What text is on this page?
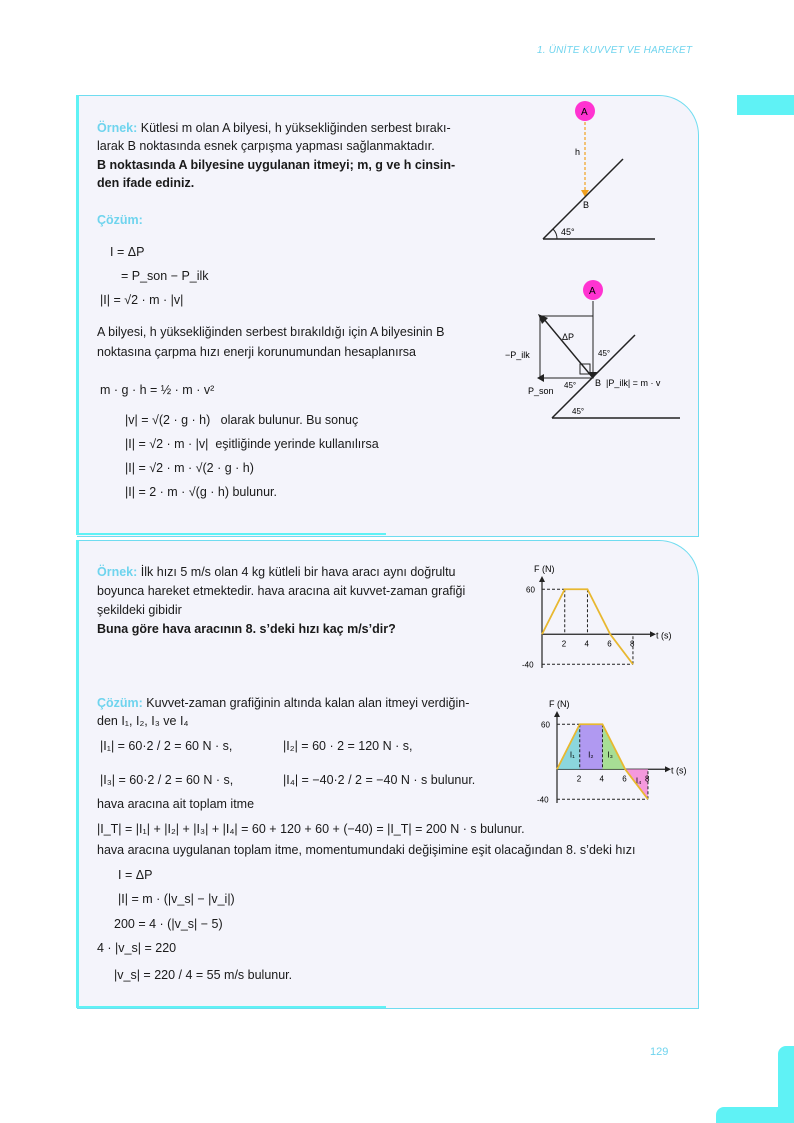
1. ÜNİTE KUVVET VE HAREKET
129
Örnek: Kütlesi m olan A bilyesi, h yüksekliğinden serbest bırakı-
larak B noktasında esnek çarpışma yapması sağlanmaktadır.
B noktasında A bilyesine uygulanan itmeyi; m, g ve h cinsin-
den ifade ediniz.
Çözüm:
I = ΔP
= P_son − P_ilk
|I| = √2 · m · |v|
A bilyesi, h yüksekliğinden serbest bırakıldığı için A bilyesinin B
noktasına çarpma hızı enerji korunumundan hesaplanırsa
m · g · h = ½ · m · v²
|v| = √(2 · g · h) olarak bulunur. Bu sonuç
|I| = √2 · m · |v| eşitliğinde yerinde kullanılırsa
|I| = √2 · m · √(2 · g · h)
|I| = 2 · m · √(g · h) bulunur.
A
h
B
45°
A
ΔP
−P_ilk
P_son
B
45°
45°
45°
|P_ilk| = m · v
Örnek: İlk hızı 5 m/s olan 4 kg kütleli bir hava aracı aynı doğrultu
boyunca hareket etmektedir. hava aracına ait kuvvet-zaman grafiği
şekildeki gibidir
Buna göre hava aracının 8. s’deki hızı kaç m/s’dir?
Çözüm: Kuvvet-zaman grafiğinin altında kalan alan itmeyi verdiğin-
den I₁, I₂, I₃ ve I₄
|I₁| = 60·2 / 2 = 60 N · s,	|I₂| = 60 · 2 = 120 N · s,
|I₃| = 60·2 / 2 = 60 N · s,	|I₄| = −40·2 / 2 = −40 N · s bulunur.
hava aracına ait toplam itme
|I_T| = |I₁| + |I₂| + |I₃| + |I₄| = 60 + 120 + 60 + (−40) = |I_T| = 200 N · s bulunur.
hava aracına uygulanan toplam itme, momentumundaki değişimine eşit olacağından 8. s’deki hızı
I = ΔP
|I| = m · (|v_s| − |v_i|)
200 = 4 · (|v_s| − 5)
4 · |v_s| = 220
|v_s| = 220 / 4 = 55 m/s bulunur.
F (N)
t (s)
2 4 6 8
60
-40
F (N)
t (s)
I₁ I₂ I₃
I₄
2 4 6 8
60
-40
